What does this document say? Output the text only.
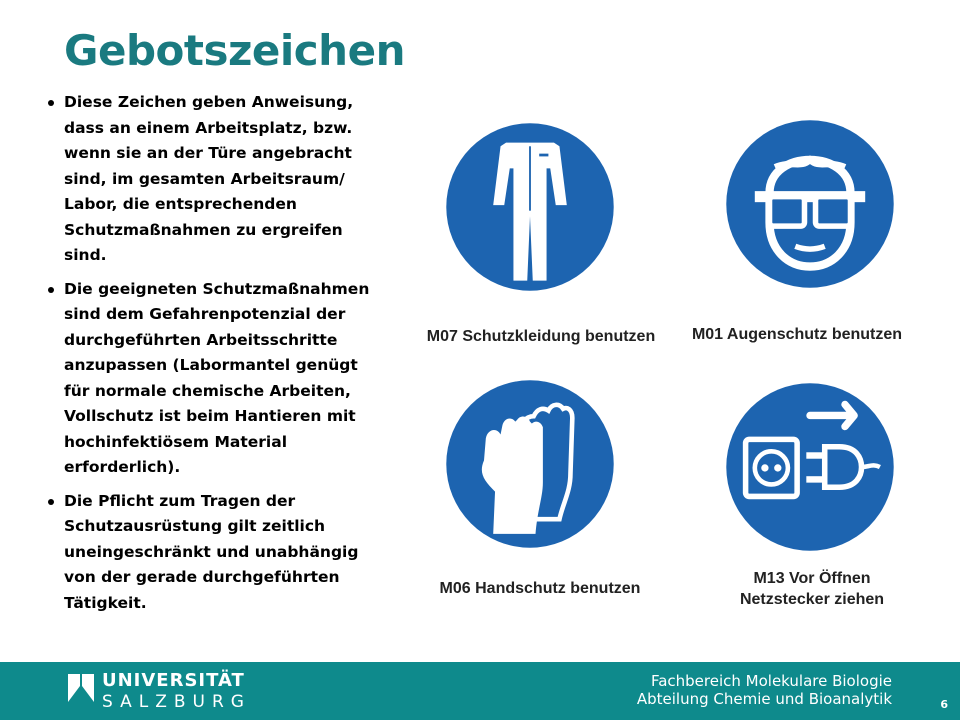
Gebotszeichen
Diese Zeichen geben Anweisung, dass an einem Arbeitsplatz, bzw. wenn sie an der Türe angebracht sind, im gesamten Arbeitsraum/ Labor, die entsprechenden Schutzmaßnahmen zu ergreifen sind.
Die geeigneten Schutzmaßnahmen sind dem Gefahrenpotenzial der durchgeführten Arbeitsschritte anzupassen (Labormantel genügt für normale chemische Arbeiten, Vollschutz ist beim Hantieren mit hochinfektiösem Material erforderlich).
Die Pflicht zum Tragen der Schutzausrüstung gilt zeitlich uneingeschränkt und unabhängig von der gerade durchgeführten Tätigkeit.
M07 Schutzkleidung benutzen	M01 Augenschutz benutzen
M06 Handschutz benutzen
M13 Vor Öffnen Netzstecker ziehen
UNIVERSITÄT
SALZBURG
Fachbereich Molekulare Biologie
Abteilung Chemie und Bioanalytik	6
